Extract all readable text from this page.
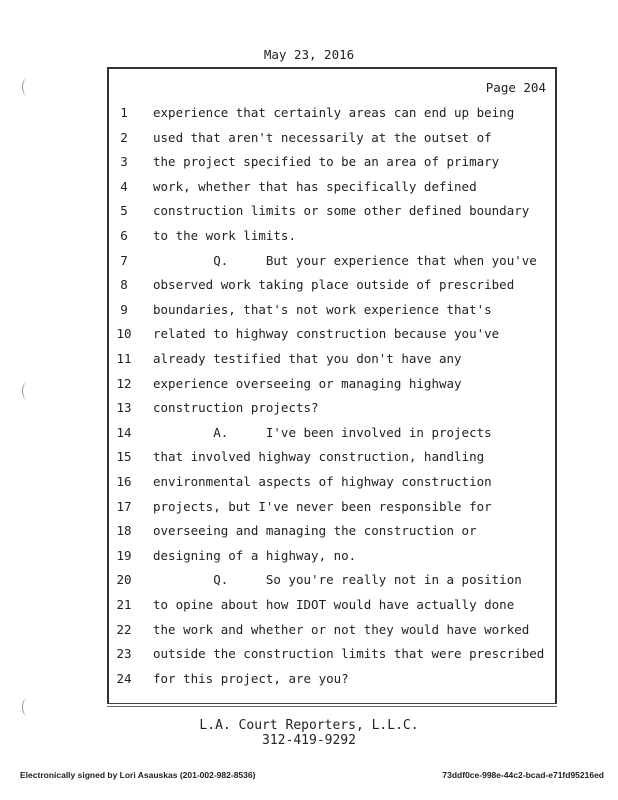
May 23, 2016
Page 204
1	experience that certainly areas can end up being
2	used that aren't necessarily at the outset of
3	the project specified to be an area of primary
4	work, whether that has specifically defined
5	construction limits or some other defined boundary
6	to the work limits.
7	Q.     But your experience that when you've
8	observed work taking place outside of prescribed
9	boundaries, that's not work experience that's
10	related to highway construction because you've
11	already testified that you don't have any
12	experience overseeing or managing highway
13	construction projects?
14	A.     I've been involved in projects
15	that involved highway construction, handling
16	environmental aspects of highway construction
17	projects, but I've never been responsible for
18	overseeing and managing the construction or
19	designing of a highway, no.
20	Q.     So you're really not in a position
21	to opine about how IDOT would have actually done
22	the work and whether or not they would have worked
23	outside the construction limits that were prescribed
24	for this project, are you?
L.A. Court Reporters, L.L.C.
312-419-9292
Electronically signed by Lori Asauskas (201-002-982-8536)	73ddf0ce-998e-44c2-bcad-e71fd95216ed
